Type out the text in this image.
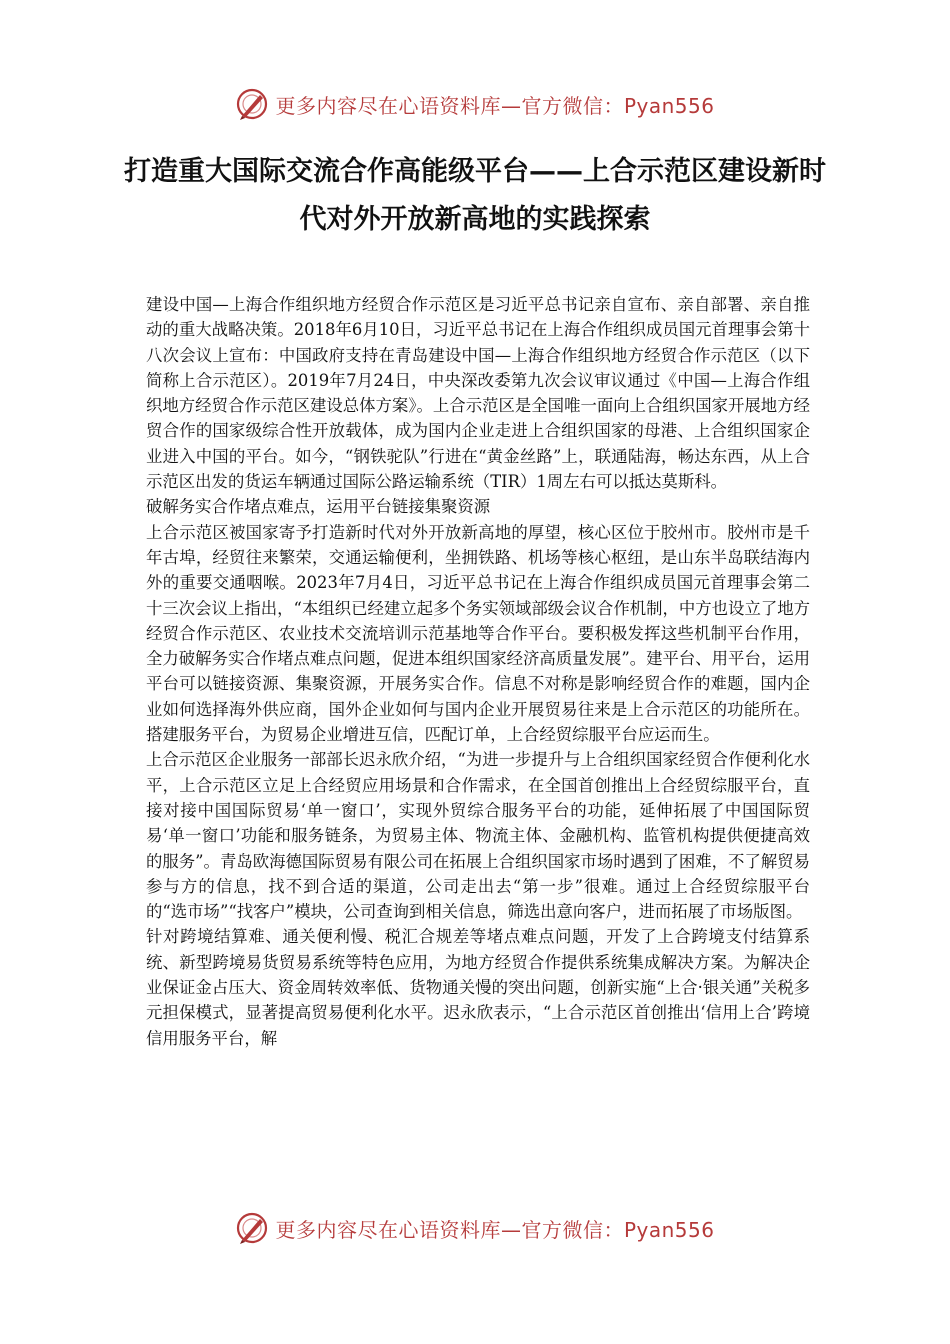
更多内容尽在心语资料库—官方微信：Pyan556
打造重大国际交流合作高能级平台——上合示范区建设新时代对外开放新高地的实践探索

建设中国—上海合作组织地方经贸合作示范区是习近平总书记亲自宣布、亲自部署、亲自推动的重大战略决策。2018年6月10日，习近平总书记在上海合作组织成员国元首理事会第十八次会议上宣布：中国政府支持在青岛建设中国—上海合作组织地方经贸合作示范区（以下简称上合示范区）。2019年7月24日，中央深改委第九次会议审议通过《中国—上海合作组织地方经贸合作示范区建设总体方案》。上合示范区是全国唯一面向上合组织国家开展地方经贸合作的国家级综合性开放载体，成为国内企业走进上合组织国家的母港、上合组织国家企业进入中国的平台。如今，“钢铁驼队”行进在“黄金丝路”上，联通陆海，畅达东西，从上合示范区出发的货运车辆通过国际公路运输系统（TIR）1周左右可以抵达莫斯科。

破解务实合作堵点难点，运用平台链接集聚资源

上合示范区被国家寄予打造新时代对外开放新高地的厚望，核心区位于胶州市。胶州市是千年古埠，经贸往来繁荣，交通运输便利，坐拥铁路、机场等核心枢纽，是山东半岛联结海内外的重要交通咽喉。2023年7月4日，习近平总书记在上海合作组织成员国元首理事会第二十三次会议上指出，“本组织已经建立起多个务实领域部级会议合作机制，中方也设立了地方经贸合作示范区、农业技术交流培训示范基地等合作平台。要积极发挥这些机制平台作用，全力破解务实合作堵点难点问题，促进本组织国家经济高质量发展”。建平台、用平台，运用平台可以链接资源、集聚资源，开展务实合作。信息不对称是影响经贸合作的难题，国内企业如何选择海外供应商，国外企业如何与国内企业开展贸易往来是上合示范区的功能所在。搭建服务平台，为贸易企业增进互信，匹配订单，上合经贸综服平台应运而生。

上合示范区企业服务一部部长迟永欣介绍，“为进一步提升与上合组织国家经贸合作便利化水平，上合示范区立足上合经贸应用场景和合作需求，在全国首创推出上合经贸综服平台，直接对接中国国际贸易‘单一窗口’，实现外贸综合服务平台的功能，延伸拓展了中国国际贸易‘单一窗口’功能和服务链条，为贸易主体、物流主体、金融机构、监管机构提供便捷高效的服务”。青岛欧海德国际贸易有限公司在拓展上合组织国家市场时遇到了困难，不了解贸易参与方的信息，找不到合适的渠道，公司走出去“第一步”很难。通过上合经贸综服平台的“选市场”“找客户”模块，公司查询到相关信息，筛选出意向客户，进而拓展了市场版图。

针对跨境结算难、通关便利慢、税汇合规差等堵点难点问题，开发了上合跨境支付结算系统、新型跨境易货贸易系统等特色应用，为地方经贸合作提供系统集成解决方案。为解决企业保证金占压大、资金周转效率低、货物通关慢的突出问题，创新实施“上合·银关通”关税多元担保模式，显著提高贸易便利化水平。迟永欣表示，“上合示范区首创推出‘信用上合’跨境信用服务平台，解

更多内容尽在心语资料库—官方微信：Pyan556
